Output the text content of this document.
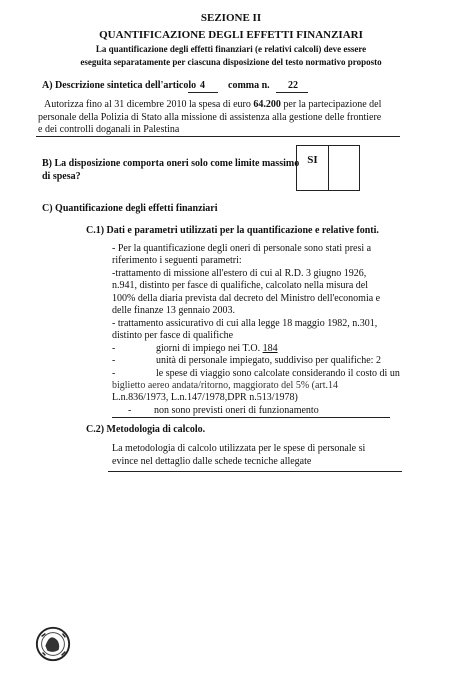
SEZIONE II
QUANTIFICAZIONE DEGLI EFFETTI FINANZIARI
La quantificazione degli effetti finanziari (e relativi calcoli) deve essere
eseguita separatamente per ciascuna disposizione del testo normativo proposto
A) Descrizione sintetica dell'articolo 4 comma n. 22
Autorizza fino al 31 dicembre 2010 la spesa di euro 64.200 per la partecipazione del
personale della Polizia di Stato alla missione di assistenza alla gestione delle frontiere
e dei controlli doganali in Palestina
B) La disposizione comporta oneri solo come limite massimo
di spesa?
SI
C) Quantificazione degli effetti finanziari
C.1) Dati e parametri utilizzati per la quantificazione e relative fonti.
- Per la quantificazione degli oneri di personale sono stati presi a
riferimento i seguenti parametri:
-trattamento di missione all'estero di cui al R.D. 3 giugno 1926,
n.941, distinto per fasce di qualifiche, calcolato nella misura del
100% della diaria prevista dal decreto del Ministro dell'economia e
delle finanze 13 gennaio 2003.
- trattamento assicurativo di cui alla legge 18 maggio 1982, n.301,
distinto per fasce di qualifiche
-	giorni di impiego nei T.O. 184
-	unità di personale impiegato, suddiviso per qualifiche: 2
-	le spese di viaggio sono calcolate considerando il costo di un
biglietto aereo andata/ritorno, maggiorato del 5% (art.14
L.n.836/1973, L.n.147/1978,DPR n.513/1978)
- non sono previsti oneri di funzionamento
C.2) Metodologia di calcolo.
La metodologia di calcolo utilizzata per le spese di personale si
evince nel dettaglio dalle schede tecniche allegate
